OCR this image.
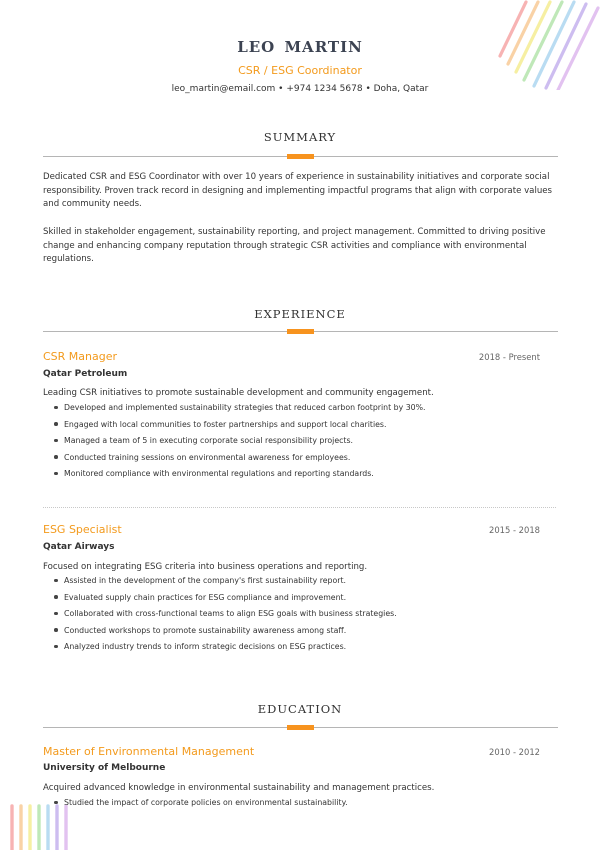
LEO MARTIN
CSR / ESG Coordinator
leo_martin@email.com • +974 1234 5678 • Doha, Qatar
SUMMARY

Dedicated CSR and ESG Coordinator with over 10 years of experience in sustainability initiatives and corporate social responsibility. Proven track record in designing and implementing impactful programs that align with corporate values and community needs.

Skilled in stakeholder engagement, sustainability reporting, and project management. Committed to driving positive change and enhancing company reputation through strategic CSR activities and compliance with environmental regulations.

EXPERIENCE
CSR Manager	2018 - Present
Qatar Petroleum
Leading CSR initiatives to promote sustainable development and community engagement.
Developed and implemented sustainability strategies that reduced carbon footprint by 30%.
Engaged with local communities to foster partnerships and support local charities.
Managed a team of 5 in executing corporate social responsibility projects.
Conducted training sessions on environmental awareness for employees.
Monitored compliance with environmental regulations and reporting standards.
ESG Specialist	2015 - 2018
Qatar Airways
Focused on integrating ESG criteria into business operations and reporting.
Assisted in the development of the company's first sustainability report.
Evaluated supply chain practices for ESG compliance and improvement.
Collaborated with cross-functional teams to align ESG goals with business strategies.
Conducted workshops to promote sustainability awareness among staff.
Analyzed industry trends to inform strategic decisions on ESG practices.
EDUCATION
Master of Environmental Management	2010 - 2012
University of Melbourne
Acquired advanced knowledge in environmental sustainability and management practices.
Studied the impact of corporate policies on environmental sustainability.
